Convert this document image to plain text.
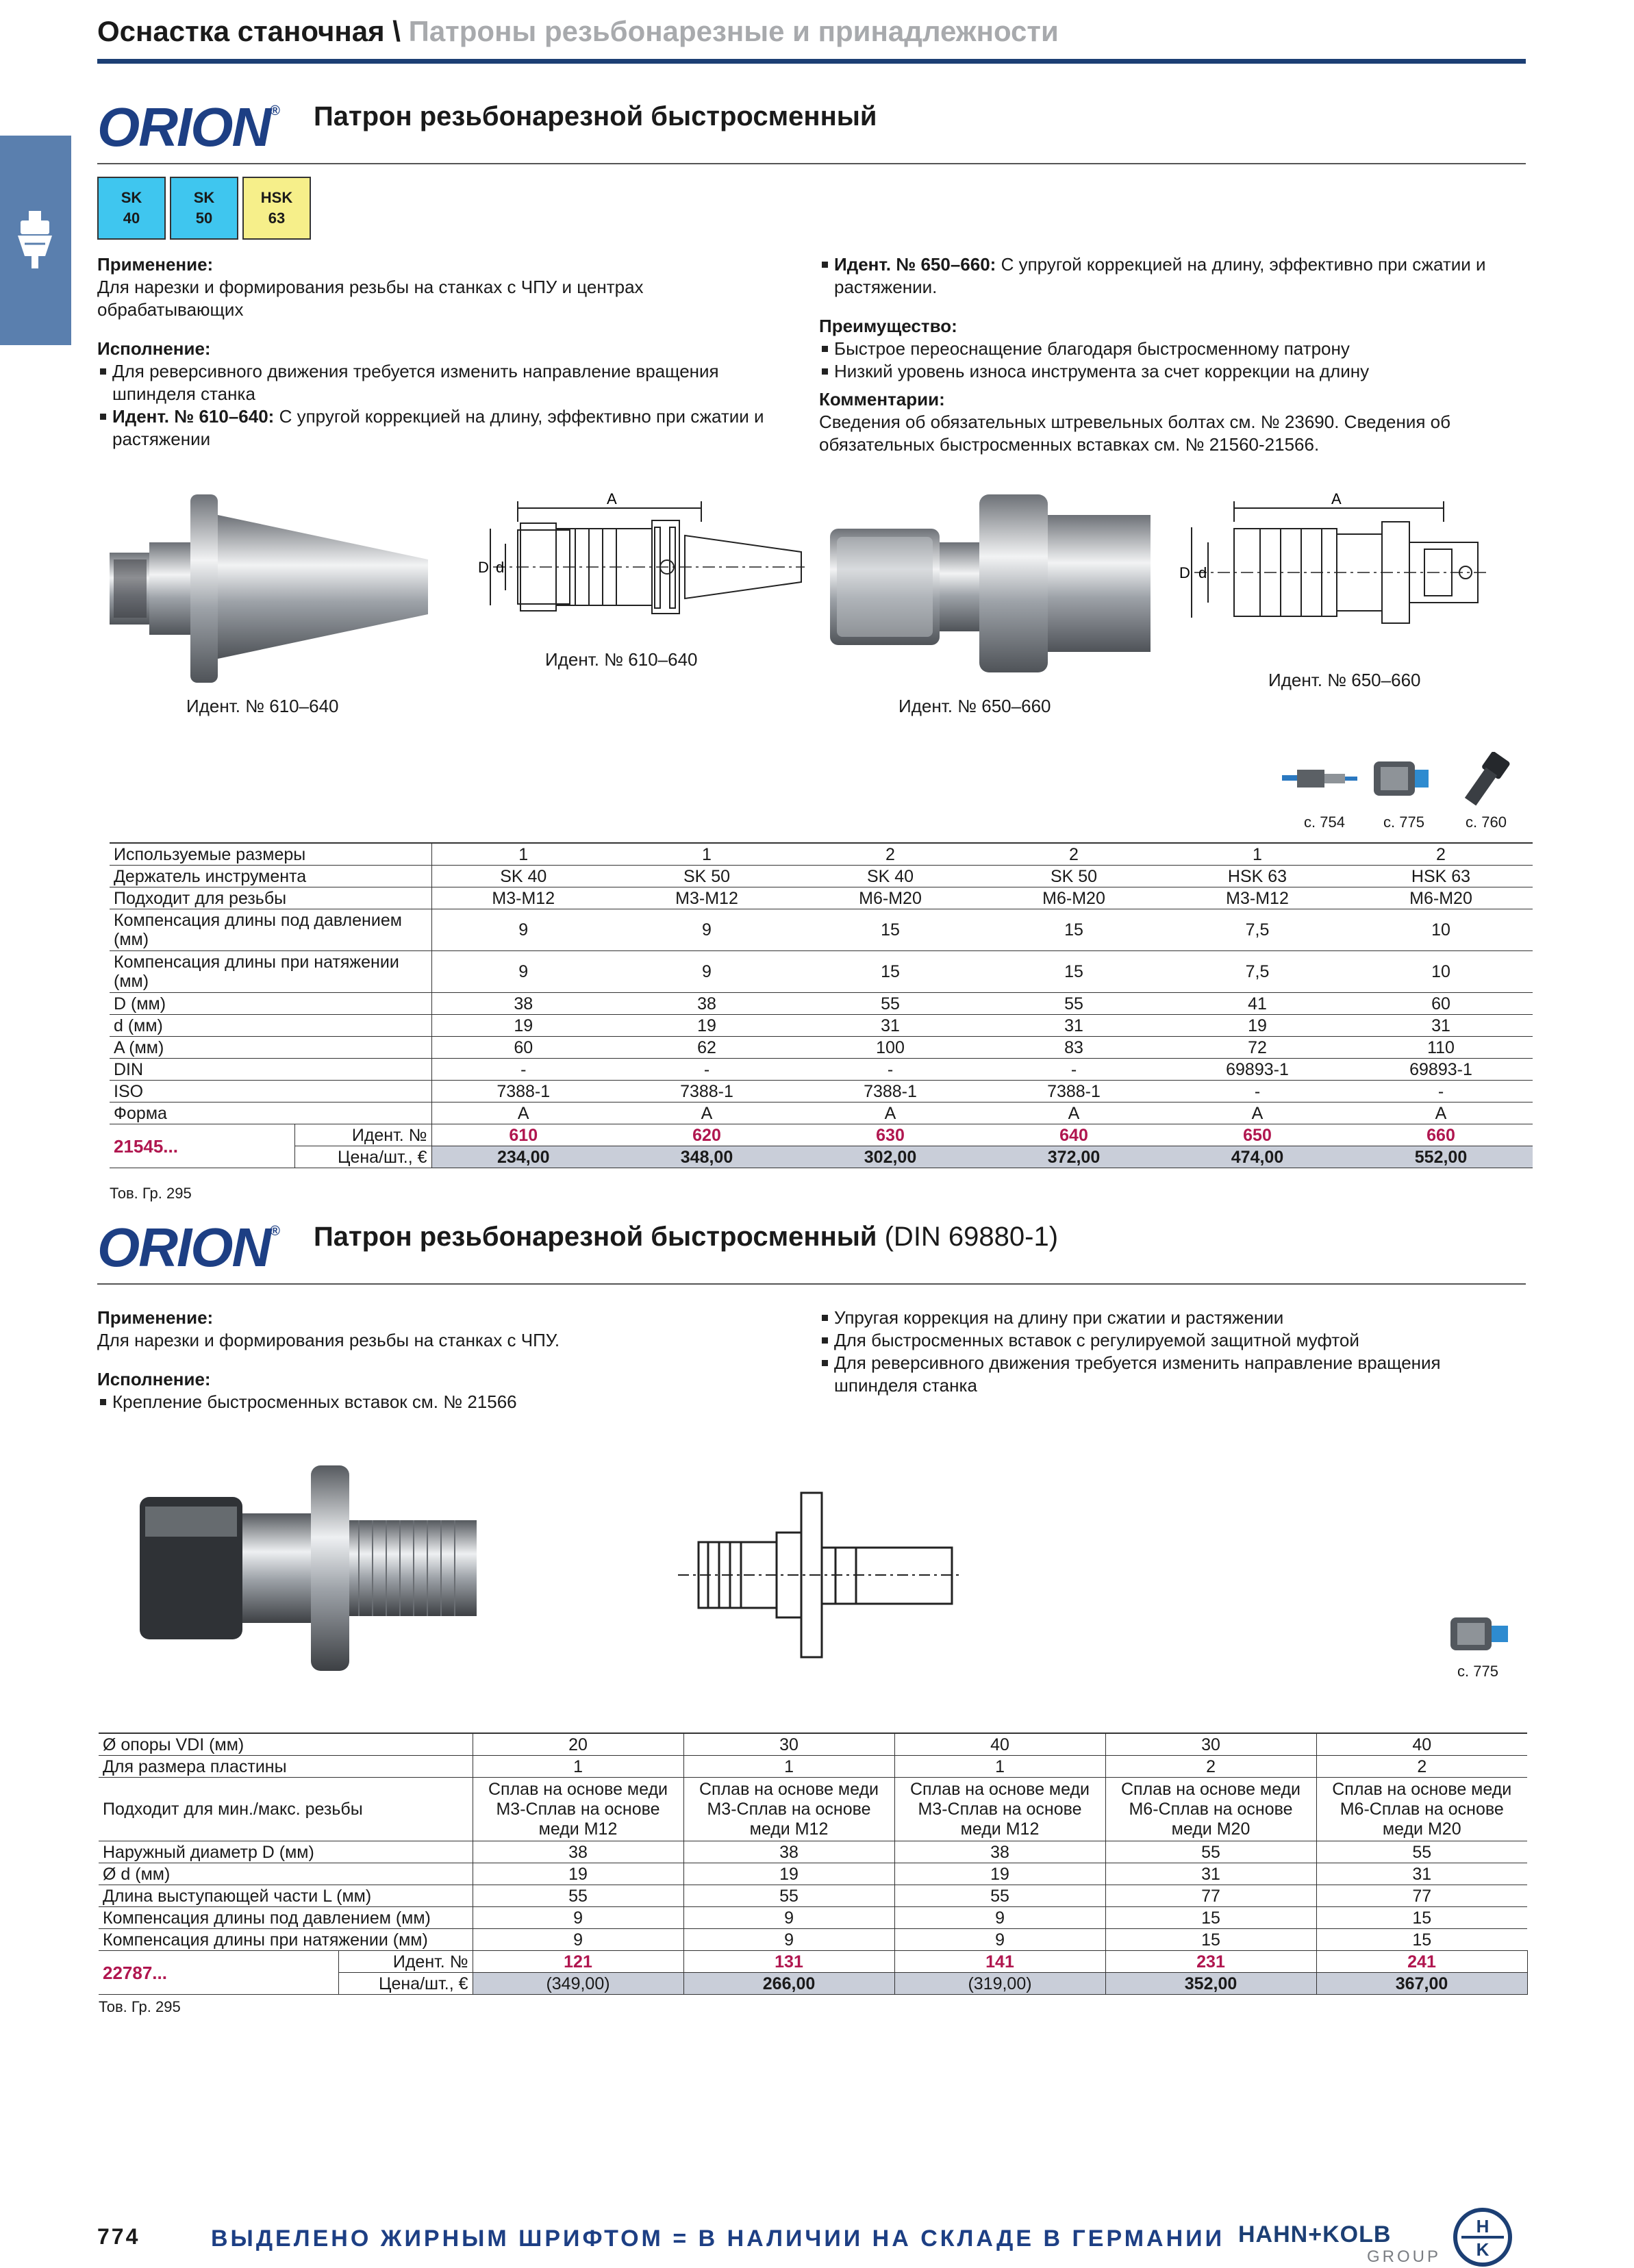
Оснастка станочная \ Патроны резьбонарезные и принадлежности
ORION® Патрон резьбонарезной быстросменный
SK
40
SK
50
HSK
63
Применение:
Для нарезки и формирования резьбы на станках с ЧПУ и центрах обрабатывающих
Исполнение:
Для реверсивного движения требуется изменить направление вращения шпинделя станка
Идент. № 610–640: С упругой коррекцией на длину, эффективно при сжатии и растяжении
Идент. № 650–660: С упругой коррекцией на длину, эффективно при сжатии и растяжении.
Преимущество:
Быстрое переоснащение благодаря быстросменному патрону
Низкий уровень износа инструмента за счет коррекции на длину
Комментарии:
Сведения об обязательных штревельных болтах см. № 23690. Сведения об обязательных быстросменных вставках см. № 21560-21566.
Идент. № 610–640
A
D d
Идент. № 610–640
Идент. № 650–660
A
D d
Идент. № 650–660
с. 754	с. 775	с. 760
Используемые размеры		1	1	2	2	1	2
Держатель инструмента		SK 40	SK 50	SK 40	SK 50	HSK 63	HSK 63
Подходит для резьбы		M3-M12	M3-M12	M6-M20	M6-M20	M3-M12	M6-M20
Компенсация длины под давлением (мм)		9	9	15	15	7,5	10
Компенсация длины при натяжении (мм)		9	9	15	15	7,5	10
D (мм)		38	38	55	55	41	60
d (мм)		19	19	31	31	19	31
A (мм)		60	62	100	83	72	110
DIN		-	-	-	-	69893-1	69893-1
ISO		7388-1	7388-1	7388-1	7388-1	-	-
Форма		A	A	A	A	A	A
21545...	Идент. №	610	620	630	640	650	660
	Цена/шт., €	234,00	348,00	302,00	372,00	474,00	552,00
Тов. Гр. 295
ORION® Патрон резьбонарезной быстросменный (DIN 69880-1)
Применение:
Для нарезки и формирования резьбы на станках с ЧПУ.
Исполнение:
Крепление быстросменных вставок см. № 21566
Упругая коррекция на длину при сжатии и растяжении
Для быстросменных вставок с регулируемой защитной муфтой
Для реверсивного движения требуется изменить направление вращения шпинделя станка
с. 775
Ø опоры VDI (мм)		20	30	40	30	40
Для размера пластины		1	1	1	2	2
Подходит для мин./макс. резьбы		Сплав на основе меди M3-Сплав на основе меди M12	Сплав на основе меди M3-Сплав на основе меди M12	Сплав на основе меди M3-Сплав на основе меди M12	Сплав на основе меди M6-Сплав на основе меди M20	Сплав на основе меди M6-Сплав на основе меди M20
Наружный диаметр D (мм)		38	38	38	55	55
Ø d (мм)		19	19	19	31	31
Длина выступающей части L (мм)		55	55	55	77	77
Компенсация длины под давлением (мм)		9	9	9	15	15
Компенсация длины при натяжении (мм)		9	9	9	15	15
22787...	Идент. №	121	131	141	231	241
	Цена/шт., €	(349,00)	266,00	(319,00)	352,00	367,00
Тов. Гр. 295
774	ВЫДЕЛЕНО ЖИРНЫМ ШРИФТОМ = В НАЛИЧИИ НА СКЛАДЕ В ГЕРМАНИИ HAHN+KOLB
GROUP
H
K
